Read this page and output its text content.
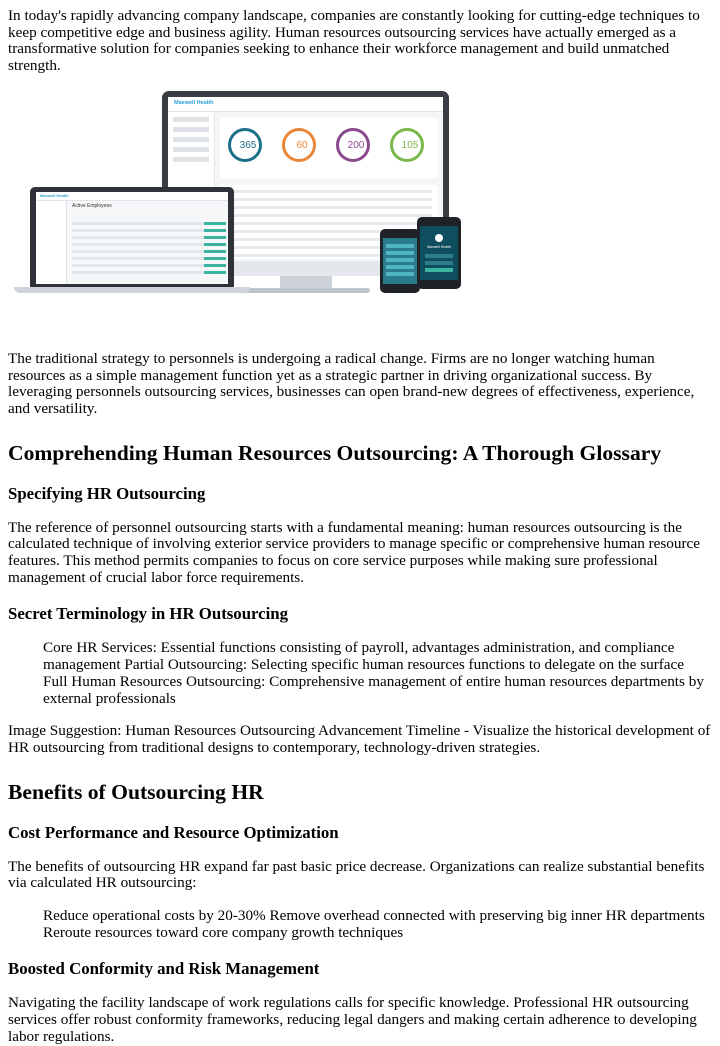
In today's rapidly advancing company landscape, companies are constantly looking for cutting-edge techniques to keep competitive edge and business agility. Human resources outsourcing services have actually emerged as a transformative solution for companies seeking to enhance their workforce management and build unmatched strength.

Maxwell Health
365	60	200	105
Maxwell Health
Active Employees
Maxwell Health

The traditional strategy to personnels is undergoing a radical change. Firms are no longer watching human resources as a simple management function yet as a strategic partner in driving organizational success. By leveraging personnels outsourcing services, businesses can open brand-new degrees of effectiveness, experience, and versatility.

Comprehending Human Resources Outsourcing: A Thorough Glossary
Specifying HR Outsourcing

The reference of personnel outsourcing starts with a fundamental meaning: human resources outsourcing is the calculated technique of involving exterior service providers to manage specific or comprehensive human resource features. This method permits companies to focus on core service purposes while making sure professional management of crucial labor force requirements.

Secret Terminology in HR Outsourcing

Core HR Services: Essential functions consisting of payroll, advantages administration, and compliance management Partial Outsourcing: Selecting specific human resources functions to delegate on the surface Full Human Resources Outsourcing: Comprehensive management of entire human resources departments by external professionals

Image Suggestion: Human Resources Outsourcing Advancement Timeline - Visualize the historical development of HR outsourcing from traditional designs to contemporary, technology-driven strategies.

Benefits of Outsourcing HR
Cost Performance and Resource Optimization

The benefits of outsourcing HR expand far past basic price decrease. Organizations can realize substantial benefits via calculated HR outsourcing:

Reduce operational costs by 20-30% Remove overhead connected with preserving big inner HR departments Reroute resources toward core company growth techniques

Boosted Conformity and Risk Management

Navigating the facility landscape of work regulations calls for specific knowledge. Professional HR outsourcing services offer robust conformity frameworks, reducing legal dangers and making certain adherence to developing labor regulations.
